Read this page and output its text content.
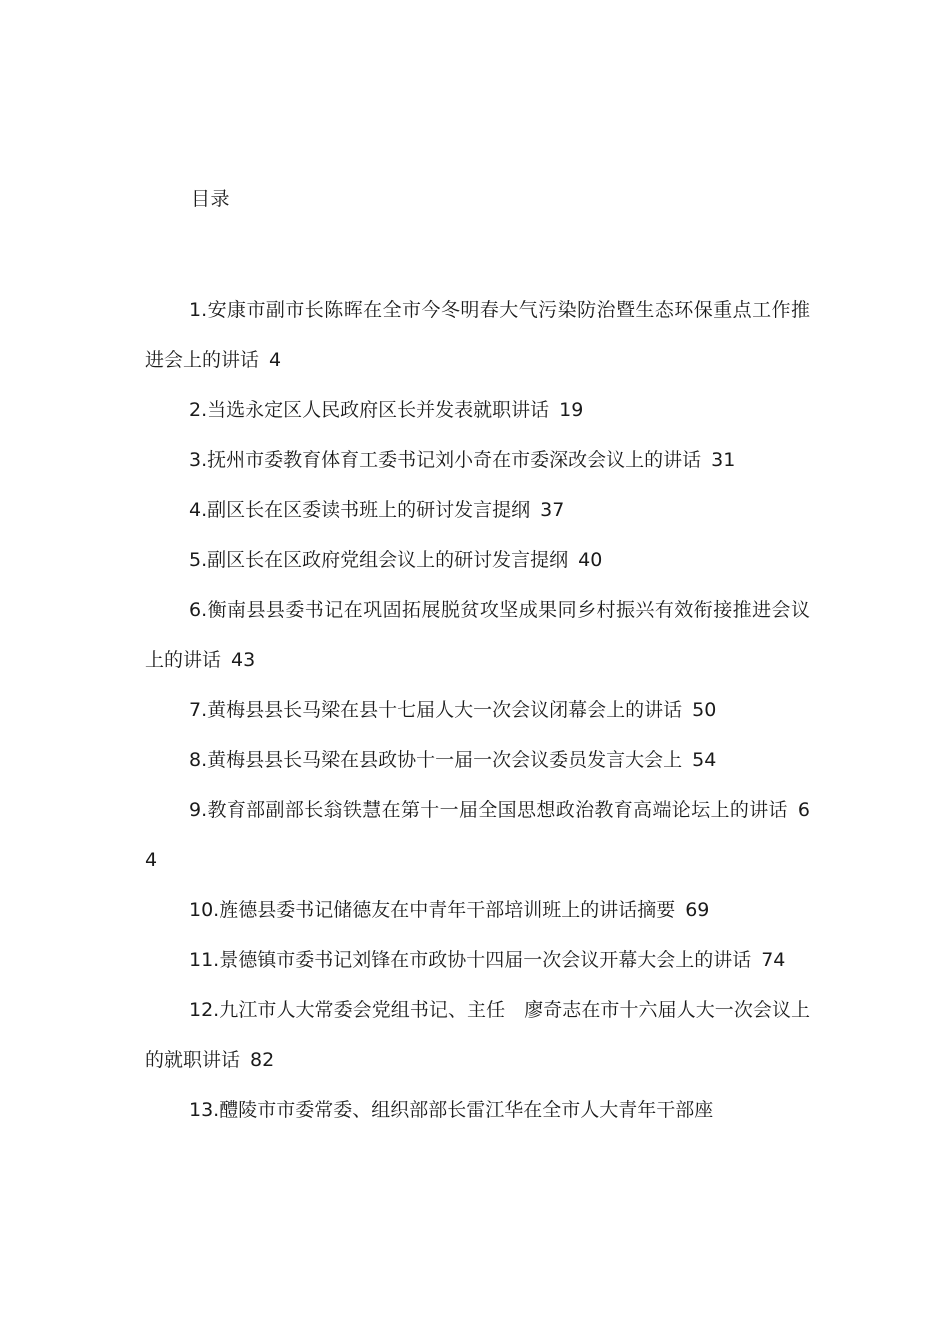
目录
1.安康市副市长陈晖在全市今冬明春大气污染防治暨生态环保重点工作推进会上的讲话 4
2.当选永定区人民政府区长并发表就职讲话 19
3.抚州市委教育体育工委书记刘小奇在市委深改会议上的讲话 31
4.副区长在区委读书班上的研讨发言提纲 37
5.副区长在区政府党组会议上的研讨发言提纲 40
6.衡南县县委书记在巩固拓展脱贫攻坚成果同乡村振兴有效衔接推进会议上的讲话 43
7.黄梅县县长马梁在县十七届人大一次会议闭幕会上的讲话 50
8.黄梅县县长马梁在县政协十一届一次会议委员发言大会上 54
9.教育部副部长翁铁慧在第十一届全国思想政治教育高端论坛上的讲话 64
10.旌德县委书记储德友在中青年干部培训班上的讲话摘要 69
11.景德镇市委书记刘锋在市政协十四届一次会议开幕大会上的讲话 74
12.九江市人大常委会党组书记、主任　廖奇志在市十六届人大一次会议上的就职讲话 82
13.醴陵市市委常委、组织部部长雷江华在全市人大青年干部座
